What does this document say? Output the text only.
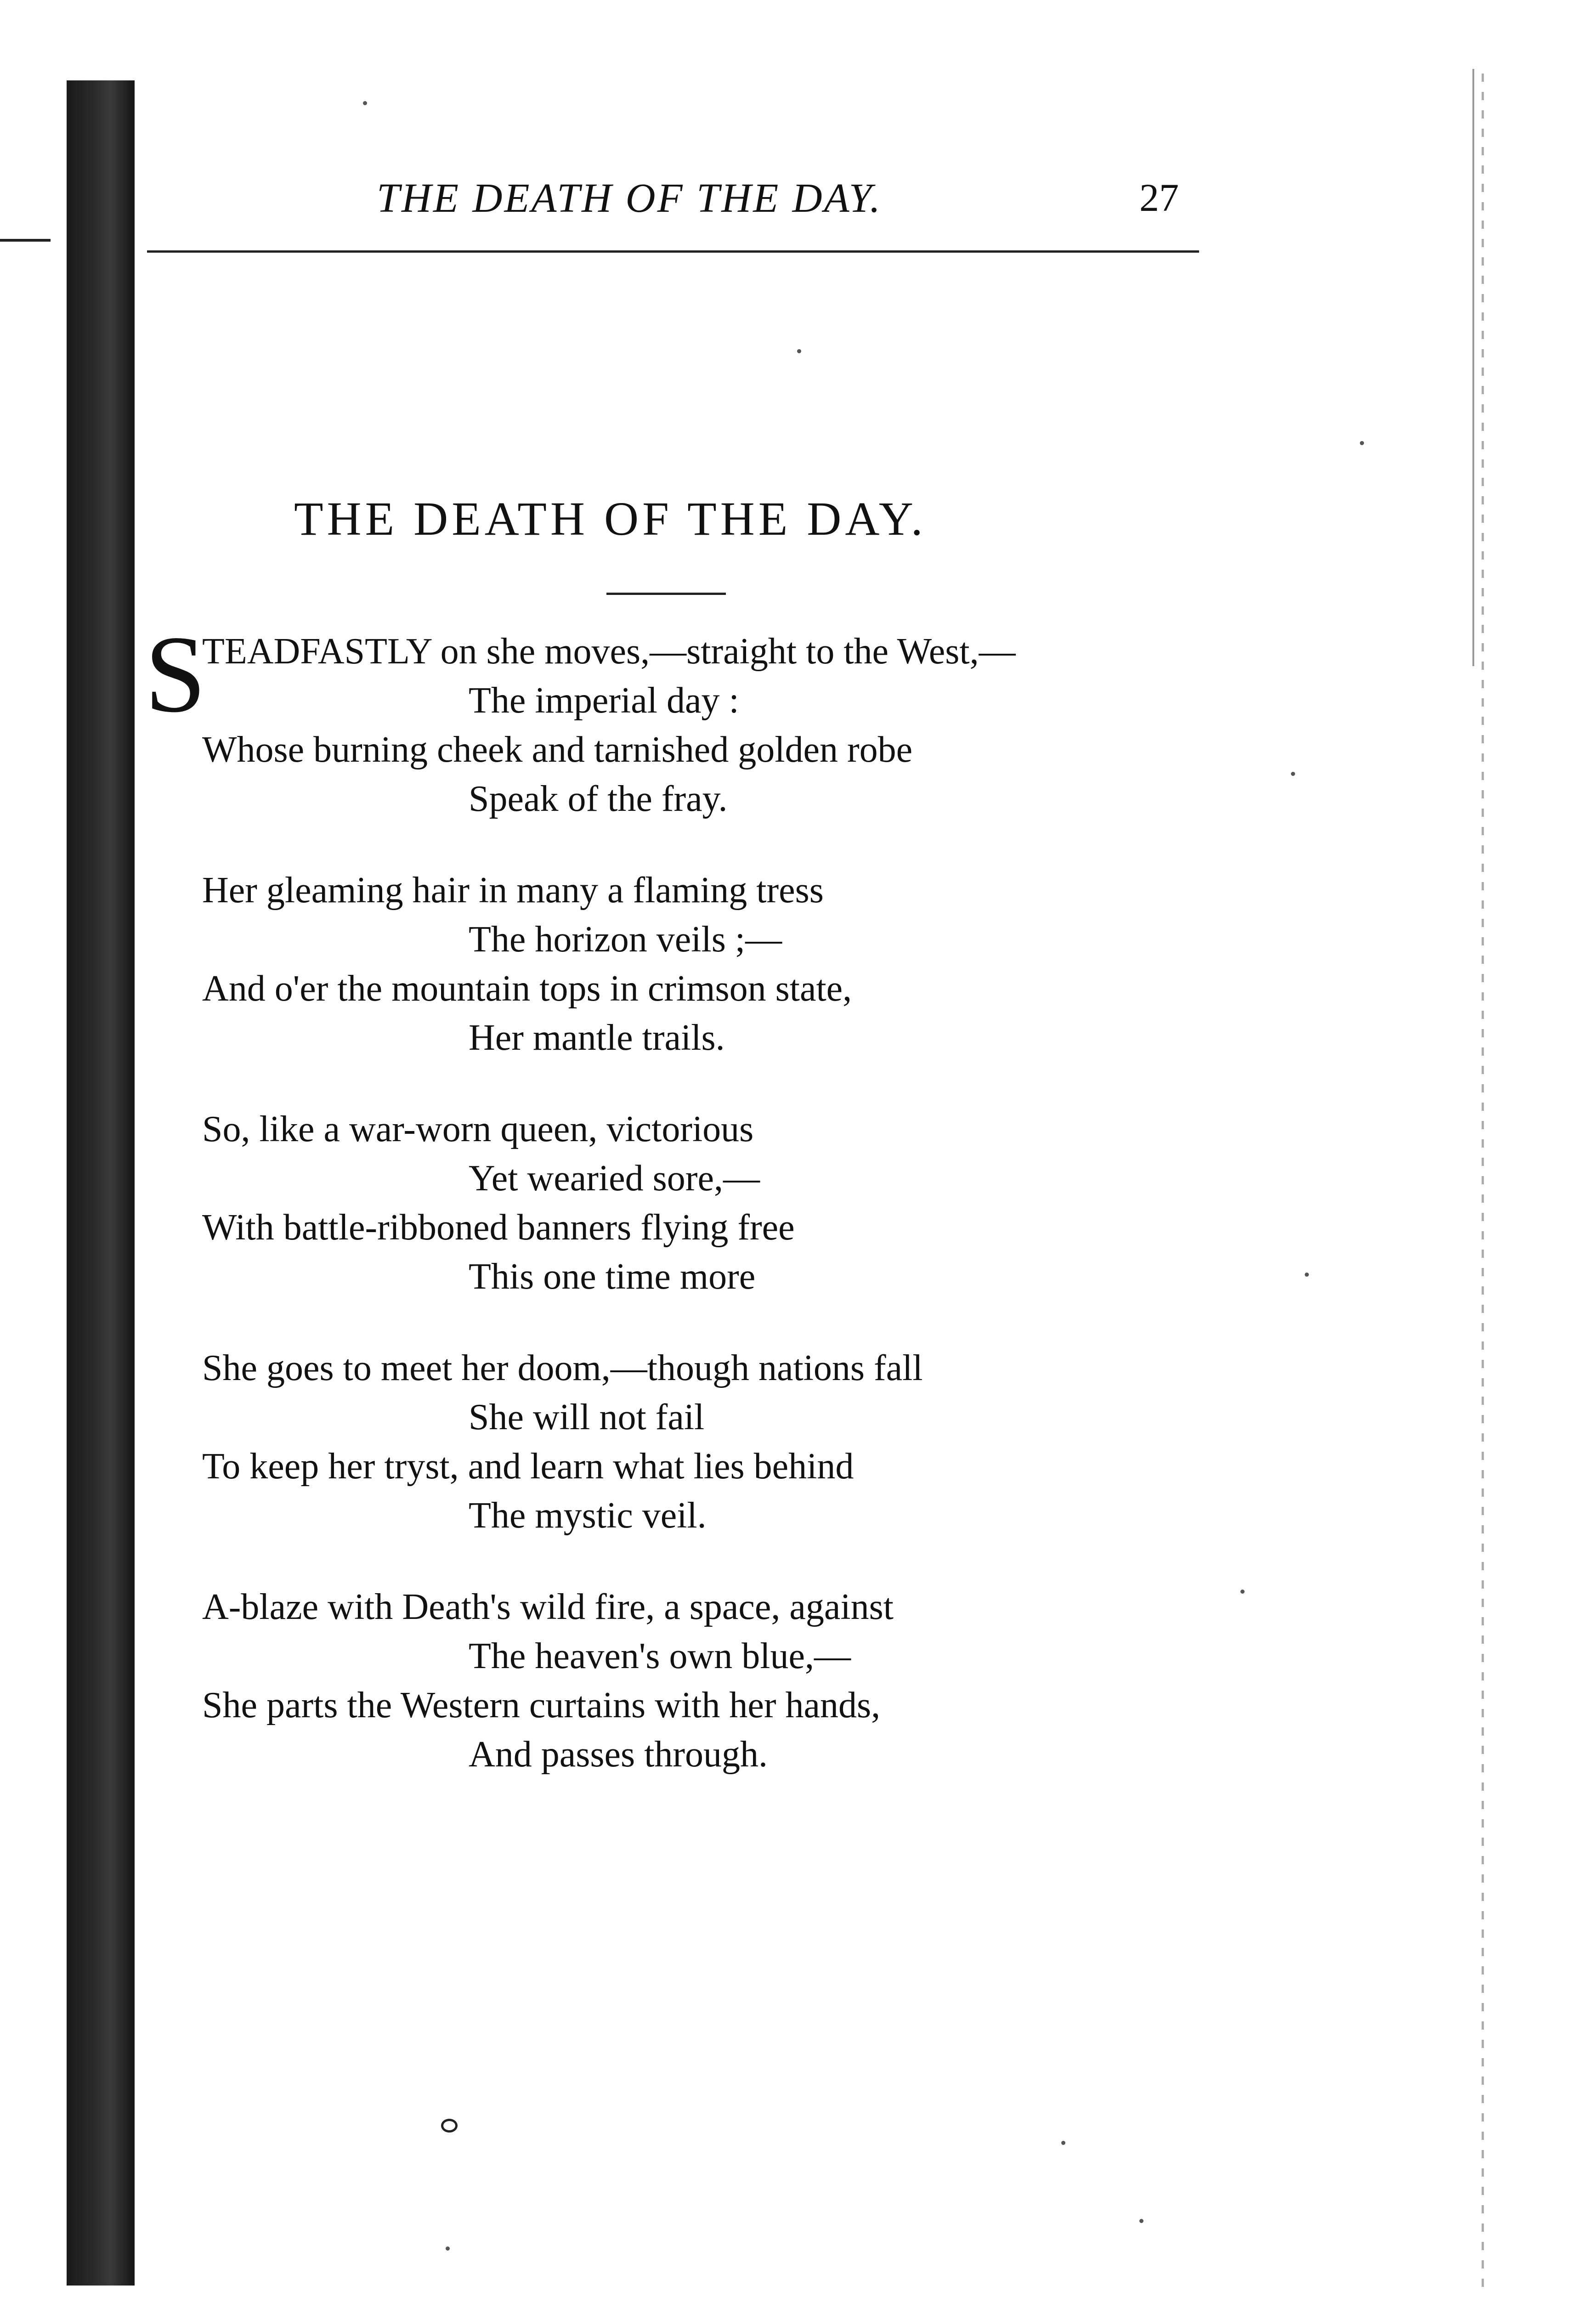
THE DEATH OF THE DAY.	27
THE DEATH OF THE DAY.
S
TEADFASTLY on she moves,—straight to the West,—
The imperial day :
Whose burning cheek and tarnished golden robe
Speak of the fray.
Her gleaming hair in many a flaming tress
The horizon veils ;—
And o'er the mountain tops in crimson state,
Her mantle trails.
So, like a war-worn queen, victorious
Yet wearied sore,—
With battle-ribboned banners flying free
This one time more
She goes to meet her doom,—though nations fall
She will not fail
To keep her tryst, and learn what lies behind
The mystic veil.
A-blaze with Death's wild fire, a space, against
The heaven's own blue,—
She parts the Western curtains with her hands,
And passes through.
